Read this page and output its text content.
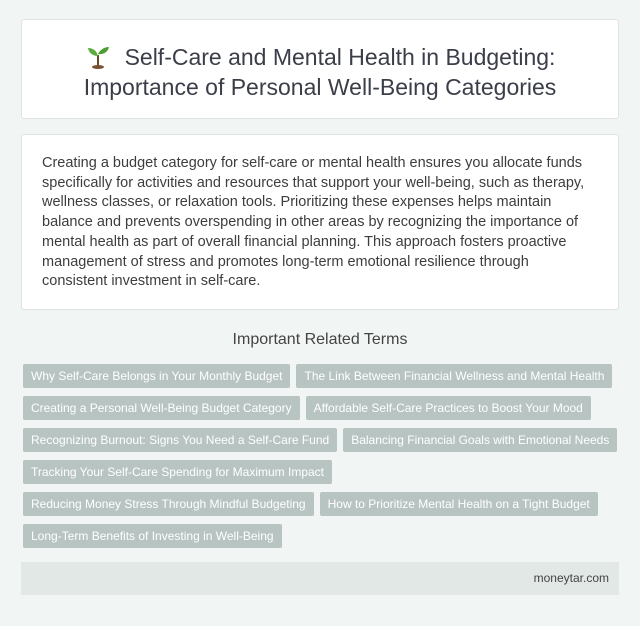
Self-Care and Mental Health in Budgeting:
Importance of Personal Well-Being Categories

Creating a budget category for self-care or mental health ensures you allocate funds specifically for activities and resources that support your well-being, such as therapy, wellness classes, or relaxation tools. Prioritizing these expenses helps maintain balance and prevents overspending in other areas by recognizing the importance of mental health as part of overall financial planning. This approach fosters proactive management of stress and promotes long-term emotional resilience through consistent investment in self-care.

Important Related Terms
Why Self-Care Belongs in Your Monthly Budget	The Link Between Financial Wellness and Mental Health
Creating a Personal Well-Being Budget Category	Affordable Self-Care Practices to Boost Your Mood
Recognizing Burnout: Signs You Need a Self-Care Fund	Balancing Financial Goals with Emotional Needs
Tracking Your Self-Care Spending for Maximum Impact
Reducing Money Stress Through Mindful Budgeting	How to Prioritize Mental Health on a Tight Budget
Long-Term Benefits of Investing in Well-Being
moneytar.com
